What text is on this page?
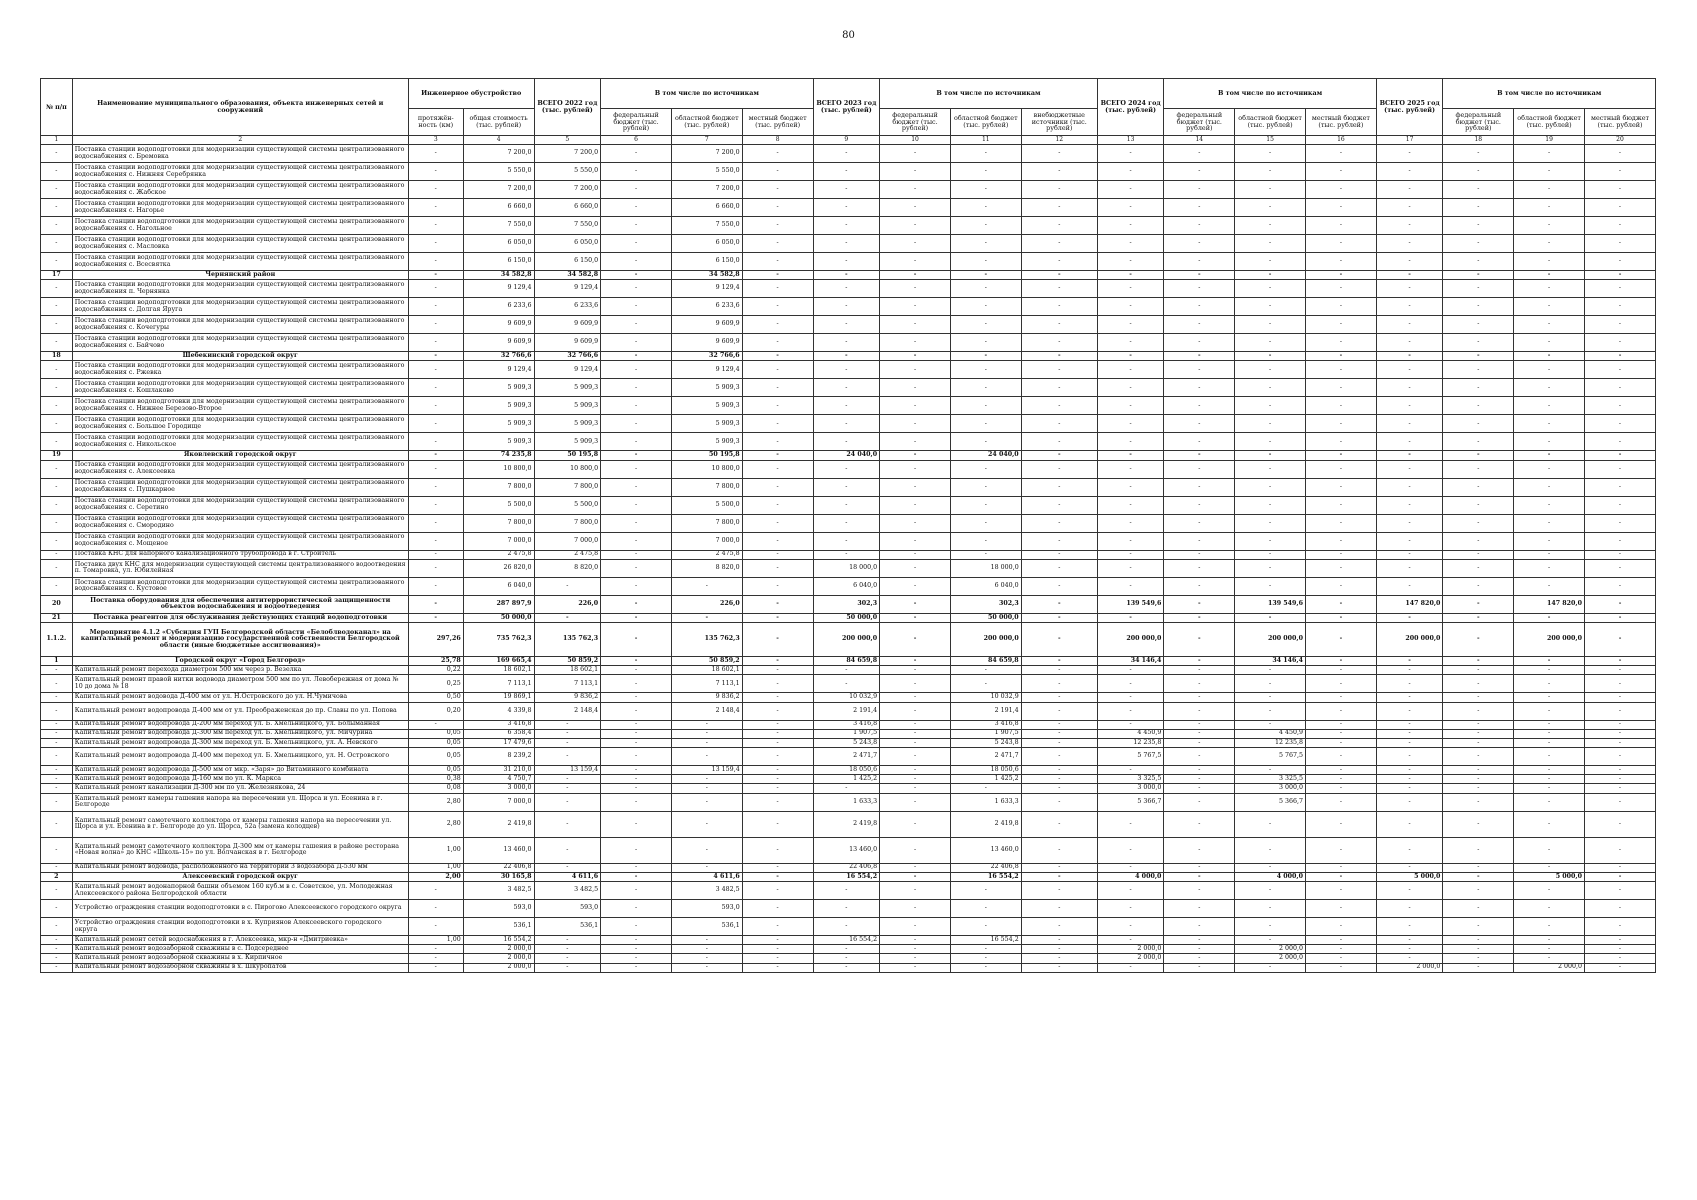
80
№ п/п	Наименование муниципального образования, объекта инженерных сетей и сооружений	Инженерное обустройство		ВСЕГО 2022 год (тыс. рублей)	В том числе по источникам			ВСЕГО 2023 год (тыс. рублей)	В том числе по источникам			ВСЕГО 2024 год (тыс. рублей)	В том числе по источникам			ВСЕГО 2025 год (тыс. рублей)	В том числе по источникам		
		протяжён-ность (км)	общая стоимость (тыс. рублей)		федеральный бюджет (тыс. рублей)	областной бюджет (тыс. рублей)	местный бюджет (тыс. рублей)		федеральный бюджет (тыс. рублей)	областной бюджет (тыс. рублей)	внебюджетные источники (тыс. рублей)		федеральный бюджет (тыс. рублей)	областной бюджет (тыс. рублей)	местный бюджет (тыс. рублей)		федеральный бюджет (тыс. рублей)	областной бюджет (тыс. рублей)	местный бюджет (тыс. рублей)
1	2	3	4	5	6	7	8	9	10	11	12	13	14	15	16	17	18	19	20
-	Поставка станции водоподготовки для модернизации существующей системы централизованного водоснабжения с. Бремовка	-	7 200,0	7 200,0	-	7 200,0	-	-	-	-	-	-	-	-	-	-	-	-	-
-	Поставка станции водоподготовки для модернизации существующей системы централизованного водоснабжения с. Нижняя Серебрянка	-	5 550,0	5 550,0	-	5 550,0	-	-	-	-	-	-	-	-	-	-	-	-	-
-	Поставка станции водоподготовки для модернизации существующей системы централизованного водоснабжения с. Жабское	-	7 200,0	7 200,0	-	7 200,0	-	-	-	-	-	-	-	-	-	-	-	-	-
-	Поставка станции водоподготовки для модернизации существующей системы централизованного водоснабжения с. Нагорье	-	6 660,0	6 660,0	-	6 660,0	-	-	-	-	-	-	-	-	-	-	-	-	-
-	Поставка станции водоподготовки для модернизации существующей системы централизованного водоснабжения с. Нагольное	-	7 550,0	7 550,0	-	7 550,0	-	-	-	-	-	-	-	-	-	-	-	-	-
-	Поставка станции водоподготовки для модернизации существующей системы централизованного водоснабжения с. Масловка	-	6 050,0	6 050,0	-	6 050,0	-	-	-	-	-	-	-	-	-	-	-	-	-
-	Поставка станции водоподготовки для модернизации существующей системы централизованного водоснабжения с. Всесвятка	-	6 150,0	6 150,0	-	6 150,0	-	-	-	-	-	-	-	-	-	-	-	-	-
17	Чернянский район	-	34 582,8	34 582,8	-	34 582,8	-	-	-	-	-	-	-	-	-	-	-	-	-
-	Поставка станции водоподготовки для модернизации существующей системы централизованного водоснабжения п. Чернянка	-	9 129,4	9 129,4	-	9 129,4	-	-	-	-	-	-	-	-	-	-	-	-	-
-	Поставка станции водоподготовки для модернизации существующей системы централизованного водоснабжения с. Долгая Яруга	-	6 233,6	6 233,6	-	6 233,6	-	-	-	-	-	-	-	-	-	-	-	-	-
-	Поставка станции водоподготовки для модернизации существующей системы централизованного водоснабжения с. Кочегуры	-	9 609,9	9 609,9	-	9 609,9	-	-	-	-	-	-	-	-	-	-	-	-	-
-	Поставка станции водоподготовки для модернизации существующей системы централизованного водоснабжения с. Байчово	-	9 609,9	9 609,9	-	9 609,9	-	-	-	-	-	-	-	-	-	-	-	-	-
18	Шебекинский городской округ	-	32 766,6	32 766,6	-	32 766,6	-	-	-	-	-	-	-	-	-	-	-	-	-
-	Поставка станции водоподготовки для модернизации существующей системы централизованного водоснабжения с. Ржевка	-	9 129,4	9 129,4	-	9 129,4	-	-	-	-	-	-	-	-	-	-	-	-	-
-	Поставка станции водоподготовки для модернизации существующей системы централизованного водоснабжения с. Кошлаково	-	5 909,3	5 909,3	-	5 909,3	-	-	-	-	-	-	-	-	-	-	-	-	-
-	Поставка станции водоподготовки для модернизации существующей системы централизованного водоснабжения с. Нижнее Березово-Второе	-	5 909,3	5 909,3	-	5 909,3	-	-	-	-	-	-	-	-	-	-	-	-	-
-	Поставка станции водоподготовки для модернизации существующей системы централизованного водоснабжения с. Большое Городище	-	5 909,3	5 909,3	-	5 909,3	-	-	-	-	-	-	-	-	-	-	-	-	-
-	Поставка станции водоподготовки для модернизации существующей системы централизованного водоснабжения с. Никольское	-	5 909,3	5 909,3	-	5 909,3	-	-	-	-	-	-	-	-	-	-	-	-	-
19	Яковлевский городской округ	-	74 235,8	50 195,8	-	50 195,8	-	24 040,0	-	24 040,0	-	-	-	-	-	-	-	-	-
-	Поставка станции водоподготовки для модернизации существующей системы централизованного водоснабжения с. Алексеевка	-	10 800,0	10 800,0	-	10 800,0	-	-	-	-	-	-	-	-	-	-	-	-	-
-	Поставка станции водоподготовки для модернизации существующей системы централизованного водоснабжения с. Пушкарное	-	7 800,0	7 800,0	-	7 800,0	-	-	-	-	-	-	-	-	-	-	-	-	-
-	Поставка станции водоподготовки для модернизации существующей системы централизованного водоснабжения с. Серетино	-	5 500,0	5 500,0	-	5 500,0	-	-	-	-	-	-	-	-	-	-	-	-	-
-	Поставка станции водоподготовки для модернизации существующей системы централизованного водоснабжения с. Смородино	-	7 800,0	7 800,0	-	7 800,0	-	-	-	-	-	-	-	-	-	-	-	-	-
-	Поставка станции водоподготовки для модернизации существующей системы централизованного водоснабжения с. Мощеное	-	7 000,0	7 000,0	-	7 000,0	-	-	-	-	-	-	-	-	-	-	-	-	-
-	Поставка КНС для напорного канализационного трубопровода в г. Строитель	-	2 475,8	2 475,8	-	2 475,8	-	-	-	-	-	-	-	-	-	-	-	-	-
-	Поставка двух КНС для модернизации существующей системы централизованного водоотведения п. Томаровка, ул. Юбилейная	-	26 820,0	8 820,0	-	8 820,0	-	18 000,0	-	18 000,0	-	-	-	-	-	-	-	-	-
-	Поставка станции водоподготовки для модернизации существующей системы централизованного водоснабжения с. Кустовое	-	6 040,0	-	-	-	-	6 040,0	-	6 040,0	-	-	-	-	-	-	-	-	-
20	Поставка оборудования для обеспечения антитеррористической защищенности объектов водоснабжения и водоотведения	-	287 897,9	226,0	-	226,0	-	302,3	-	302,3	-	139 549,6	-	139 549,6	-	147 820,0	-	147 820,0	-
21	Поставка реагентов для обслуживания действующих станций водоподготовки	-	50 000,0	-	-	-	-	50 000,0	-	50 000,0	-	-	-	-	-	-	-	-	-
1.1.2.	Мероприятие 4.1.2 «Субсидия ГУП Белгородской области «Белоблводоканал» на капитальный ремонт и модернизацию государственной собственности Белгородской области (иные бюджетные ассигнования)»	297,26	735 762,3	135 762,3	-	135 762,3	-	200 000,0	-	200 000,0	-	200 000,0	-	200 000,0	-	200 000,0	-	200 000,0	-
1	Городской округ «Город Белгород»	25,78	169 665,4	50 859,2	-	50 859,2	-	84 659,8	-	84 659,8	-	34 146,4	-	34 146,4	-	-	-	-	-
-	Капитальный ремонт перехода диаметром 500 мм через р. Везелка	0,22	18 602,1	18 602,1	-	18 602,1	-	-	-	-	-	-	-	-	-	-	-	-	-
-	Капитальный ремонт правой нитки водовода диаметром 500 мм по ул. Левобережная от дома № 10 до дома № 18	0,25	7 113,1	7 113,1	-	7 113,1	-	-	-	-	-	-	-	-	-	-	-	-	-
-	Капитальный ремонт водовода Д-400 мм от ул. Н.Островского до ул. Н.Чумичова	0,50	19 869,1	9 836,2	-	9 836,2	-	10 032,9	-	10 032,9	-	-	-	-	-	-	-	-	-
-	Капитальный ремонт водопровода Д-400 мм от ул. Преображенская до пр. Славы по ул. Попова	0,20	4 339,8	2 148,4	-	2 148,4	-	2 191,4	-	2 191,4	-	-	-	-	-	-	-	-	-
-	Капитальный ремонт водопровода Д-200 мм переход ул. Б. Хмельницкого, ул. Болыманная	-	3 416,8	-	-	-	-	3 416,8	-	3 416,8	-	-	-	-	-	-	-	-	-
-	Капитальный ремонт водопровода Д-300 мм переход ул. Б. Хмельницкого, ул. Мичурина	0,05	6 358,4	-	-	-	-	1 907,5	-	1 907,5	-	4 450,9	-	4 450,9	-	-	-	-	-
-	Капитальный ремонт водопровода Д-300 мм переход ул. Б. Хмельницкого, ул. А. Невского	0,05	17 479,6	-	-	-	-	5 243,8	-	5 243,8	-	12 235,8	-	12 235,8	-	-	-	-	-
-	Капитальный ремонт водопровода Д-400 мм переход ул. Б. Хмельницкого, ул. Н. Островского	0,05	8 239,2	-	-	-	-	2 471,7	-	2 471,7	-	5 767,5	-	5 767,5	-	-	-	-	-
-	Капитальный ремонт водопровода Д-500 мм от мкр. «Заря» до Витаминного комбината	0,05	31 210,0	13 159,4	-	13 159,4	-	18 050,6	-	18 050,6	-	-	-	-	-	-	-	-	-
-	Капитальный ремонт водопровода Д-160 мм по ул. К. Маркса	0,38	4 750,7	-	-	-	-	1 425,2	-	1 425,2	-	3 325,5	-	3 325,5	-	-	-	-	-
-	Капитальный ремонт канализации Д-300 мм по ул. Железнякова, 24	0,08	3 000,0	-	-	-	-	-	-	-	-	3 000,0	-	3 000,0	-	-	-	-	-
-	Капитальный ремонт камеры гашения напора на пересечении ул. Щорса и ул. Есенина в г. Белгороде	2,80	7 000,0	-	-	-	-	1 633,3	-	1 633,3	-	5 366,7	-	5 366,7	-	-	-	-	-
-	Капитальный ремонт самотечного коллектора от камеры гашения напора на пересечении ул. Щорса и ул. Есенина в г. Белгороде до ул. Щорса, 52а (замена колодцев)	2,80	2 419,8	-	-	-	-	2 419,8	-	2 419,8	-	-	-	-	-	-	-	-	-
-	Капитальный ремонт самотечного коллектора Д-300 мм от камеры гашения в районе ресторана «Новая волна» до КНС «Школь-15» по ул. Волчанская в г. Белгороде	1,00	13 460,0	-	-	-	-	13 460,0	-	13 460,0	-	-	-	-	-	-	-	-	-
-	Капитальный ремонт водовода, расположенного на территории 3 водозабора Д-530 мм	1,00	22 406,8	-	-	-	-	22 406,8	-	22 406,8	-	-	-	-	-	-	-	-	-
2	Алексеевский городской округ	2,00	30 165,8	4 611,6	-	4 611,6	-	16 554,2	-	16 554,2	-	4 000,0	-	4 000,0	-	5 000,0	-	5 000,0	-
-	Капитальный ремонт водонапорной башни объемом 160 куб.м в с. Советское, ул. Молодежная Алексеевского района Белгородской области	-	3 482,5	3 482,5	-	3 482,5	-	-	-	-	-	-	-	-	-	-	-	-	-
-	Устройство ограждения станции водоподготовки в с. Пирогово Алексеевского городского округа	-	593,0	593,0	-	593,0	-	-	-	-	-	-	-	-	-	-	-	-	-
-	Устройство ограждения станции водоподготовки в х. Куприянов Алексеевского городского округа	-	536,1	536,1	-	536,1	-	-	-	-	-	-	-	-	-	-	-	-	-
-	Капитальный ремонт сетей водоснабжения в г. Алексеевка, мкр-н «Дмитриевка»	1,00	16 554,2	-	-	-	-	16 554,2	-	16 554,2	-	-	-	-	-	-	-	-	-
-	Капитальный ремонт водозаборной скважины в с. Подсереднее	-	2 000,0	-	-	-	-	-	-	-	-	2 000,0	-	2 000,0	-	-	-	-	-
-	Капитальный ремонт водозаборной скважины в х. Кирпичное	-	2 000,0	-	-	-	-	-	-	-	-	2 000,0	-	2 000,0	-	-	-	-	-
-	Капитальный ремонт водозаборной скважины в х. Шкуропатов	-	2 000,0	-	-	-	-	-	-	-	-	-	-	-	-	2 000,0	-	2 000,0	-
